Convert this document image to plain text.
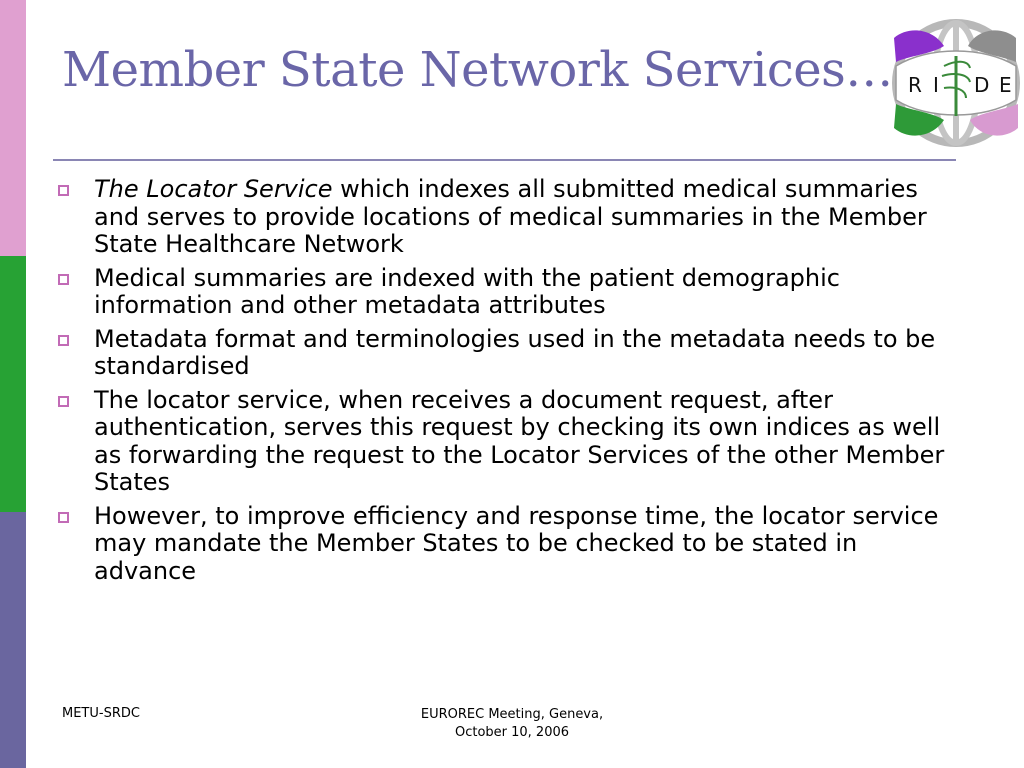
Member State Network Services… R I D E
The Locator Service which indexes all submitted medical summaries and serves to provide locations of medical summaries in the Member State Healthcare Network
Medical summaries are indexed with the patient demographic information and other metadata attributes
Metadata format and terminologies used in the metadata needs to be standardised
The locator service, when receives a document request, after authentication, serves this request by checking its own indices as well as forwarding the request to the Locator Services of the other Member States
However, to improve efficiency and response time, the locator service may mandate the Member States to be checked to be stated in advance
METU-SRDC	EUROREC Meeting, Geneva,
October 10, 2006
